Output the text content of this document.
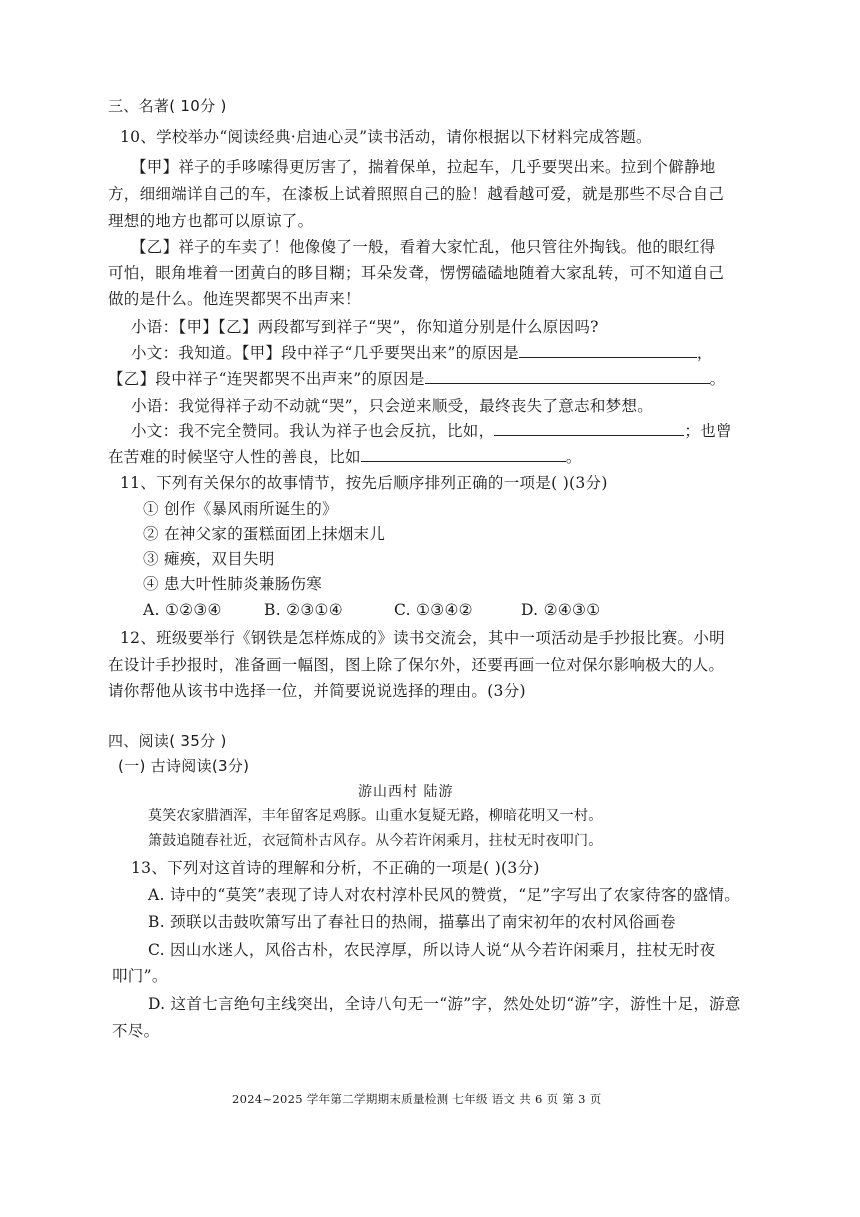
三、名著( 10分 )
10、学校举办“阅读经典·启迪心灵”读书活动，请你根据以下材料完成答题。
【甲】祥子的手哆嗦得更厉害了，揣着保单，拉起车，几乎要哭出来。拉到个僻静地
方，细细端详自己的车，在漆板上试着照照自己的脸！越看越可爱，就是那些不尽合自己
理想的地方也都可以原谅了。
【乙】祥子的车卖了！他像傻了一般，看着大家忙乱，他只管往外掏钱。他的眼红得
可怕，眼角堆着一团黄白的眵目糊；耳朵发聋，愣愣磕磕地随着大家乱转，可不知道自己
做的是什么。他连哭都哭不出声来！
小语：【甲】【乙】两段都写到祥子“哭”，你知道分别是什么原因吗?
小文：我知道。【甲】段中祥子“几乎要哭出来”的原因是	，
【乙】段中祥子“连哭都哭不出声来”的原因是	。
小语：我觉得祥子动不动就“哭”，只会逆来顺受，最终丧失了意志和梦想。
小文：我不完全赞同。我认为祥子也会反抗，比如，	；也曾
在苦难的时候坚守人性的善良，比如	。
11、下列有关保尔的故事情节，按先后顺序排列正确的一项是( )(3分)
① 创作《暴风雨所诞生的》
② 在神父家的蛋糕面团上抹烟末儿
③ 瘫痪，双目失明
④ 患大叶性肺炎兼肠伤寒
A. ①②③④	B. ②③①④	C. ①③④②	D. ②④③①
12、班级要举行《钢铁是怎样炼成的》读书交流会，其中一项活动是手抄报比赛。小明
在设计手抄报时，准备画一幅图，图上除了保尔外，还要再画一位对保尔影响极大的人。
请你帮他从该书中选择一位，并简要说说选择的理由。(3分)
四、阅读( 35分 )
(一) 古诗阅读(3分)
游山西村 陆游
莫笑农家腊酒浑，丰年留客足鸡豚。山重水复疑无路，柳暗花明又一村。
箫鼓追随春社近，衣冠简朴古风存。从今若许闲乘月，拄杖无时夜叩门。
13、下列对这首诗的理解和分析，不正确的一项是( )(3分)
A. 诗中的“莫笑”表现了诗人对农村淳朴民风的赞赏，“足”字写出了农家待客的盛情。
B. 颈联以击鼓吹箫写出了春社日的热闹，描摹出了南宋初年的农村风俗画卷
C. 因山水迷人，风俗古朴，农民淳厚，所以诗人说“从今若许闲乘月，拄杖无时夜
叩门”。
D. 这首七言绝句主线突出，全诗八句无一“游”字，然处处切“游”字，游性十足，游意
不尽。
2024~2025 学年第二学期期末质量检测 七年级 语文 共 6 页 第 3 页
